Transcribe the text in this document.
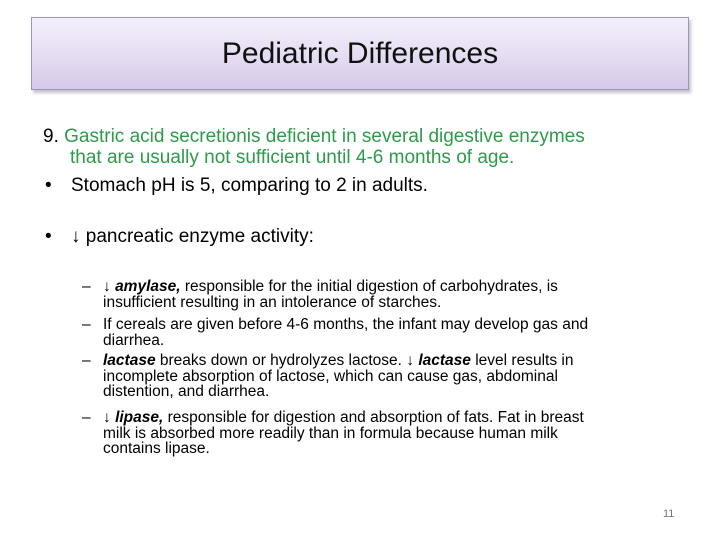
Pediatric Differences
9. Gastric acid secretionis deficient in several digestive enzymes
that are usually not sufficient until 4-6 months of age.
• Stomach pH is 5, comparing to 2 in adults.
• ↓ pancreatic enzyme activity:
– ↓ amylase, responsible for the initial digestion of carbohydrates, is
insufficient resulting in an intolerance of starches.
– If cereals are given before 4-6 months, the infant may develop gas and
diarrhea.
– lactase breaks down or hydrolyzes lactose. ↓ lactase level results in
incomplete absorption of lactose, which can cause gas, abdominal
distention, and diarrhea.
– ↓ lipase, responsible for digestion and absorption of fats. Fat in breast
milk is absorbed more readily than in formula because human milk
contains lipase.
11
